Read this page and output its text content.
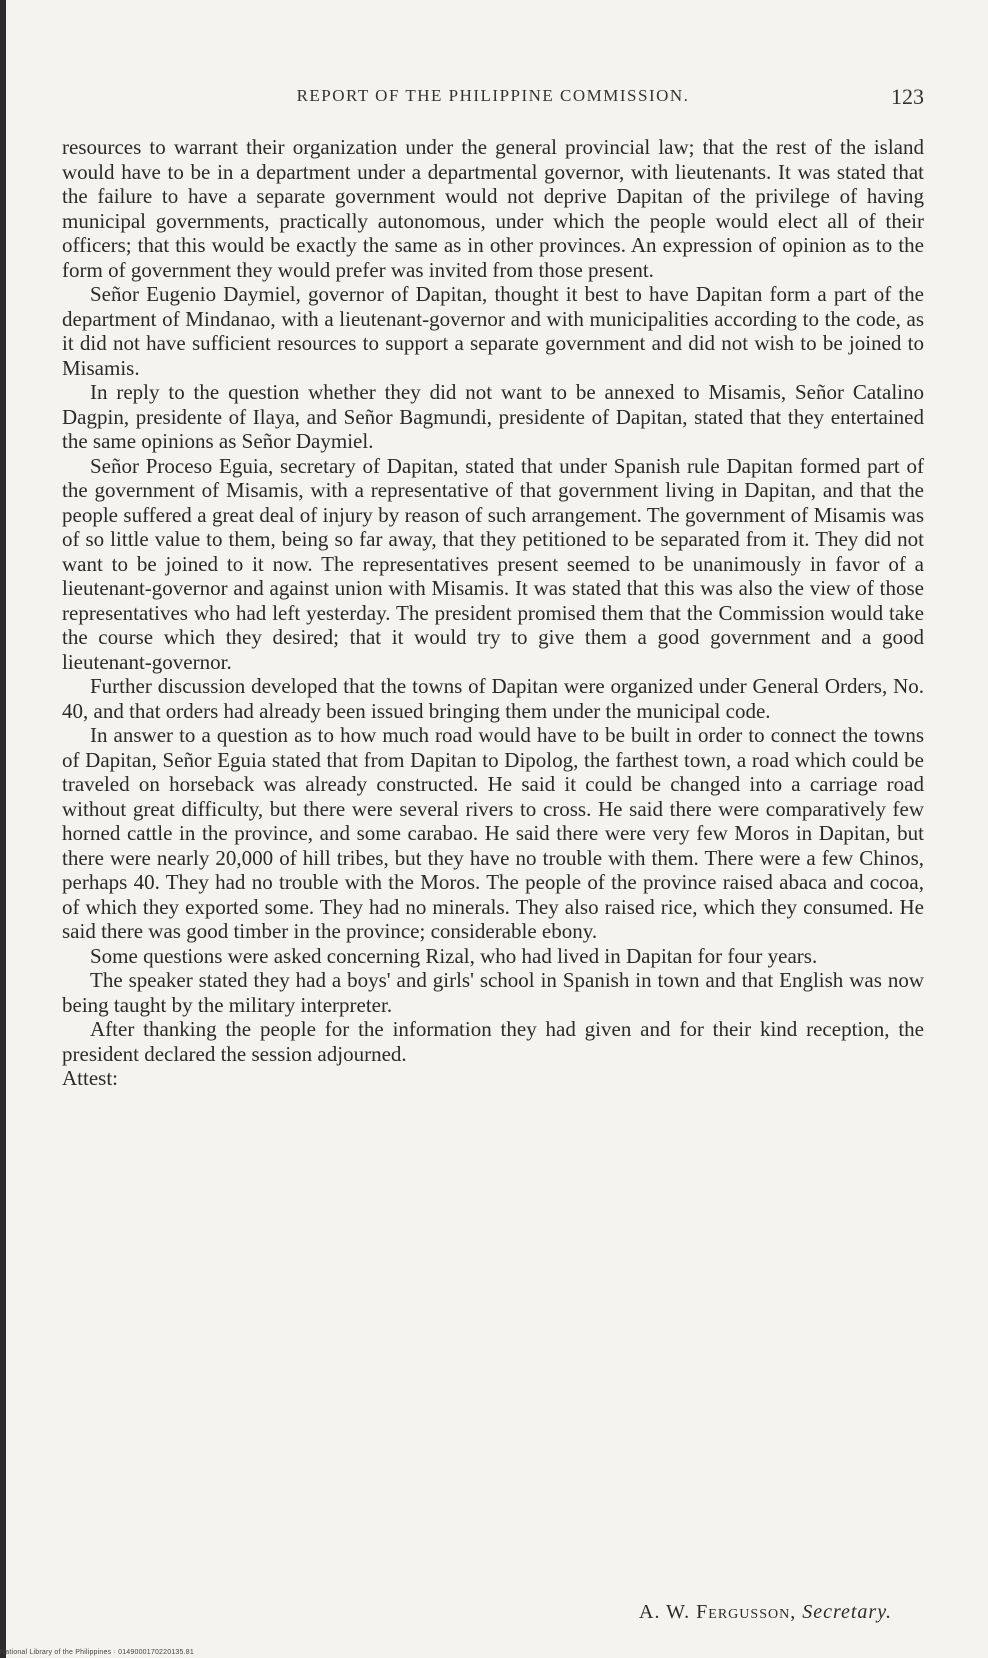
REPORT OF THE PHILIPPINE COMMISSION.	123

resources to warrant their organization under the general provincial law; that the rest of the island would have to be in a department under a departmental governor, with lieutenants. It was stated that the failure to have a separate government would not deprive Dapitan of the privilege of having municipal governments, practically autonomous, under which the people would elect all of their officers; that this would be exactly the same as in other provinces. An expression of opinion as to the form of government they would prefer was invited from those present.

Señor Eugenio Daymiel, governor of Dapitan, thought it best to have Dapitan form a part of the department of Mindanao, with a lieutenant-governor and with municipalities according to the code, as it did not have sufficient resources to support a separate government and did not wish to be joined to Misamis.

In reply to the question whether they did not want to be annexed to Misamis, Señor Catalino Dagpin, presidente of Ilaya, and Señor Bagmundi, presidente of Dapitan, stated that they entertained the same opinions as Señor Daymiel.

Señor Proceso Eguia, secretary of Dapitan, stated that under Spanish rule Dapitan formed part of the government of Misamis, with a representative of that government living in Dapitan, and that the people suffered a great deal of injury by reason of such arrangement. The government of Misamis was of so little value to them, being so far away, that they petitioned to be separated from it. They did not want to be joined to it now. The representatives present seemed to be unanimously in favor of a lieutenant-governor and against union with Misamis. It was stated that this was also the view of those representatives who had left yesterday. The president promised them that the Commission would take the course which they desired; that it would try to give them a good government and a good lieutenant-governor.

Further discussion developed that the towns of Dapitan were organized under General Orders, No. 40, and that orders had already been issued bringing them under the municipal code.

In answer to a question as to how much road would have to be built in order to connect the towns of Dapitan, Señor Eguia stated that from Dapitan to Dipolog, the farthest town, a road which could be traveled on horseback was already constructed. He said it could be changed into a carriage road without great difficulty, but there were several rivers to cross. He said there were comparatively few horned cattle in the province, and some carabao. He said there were very few Moros in Dapitan, but there were nearly 20,000 of hill tribes, but they have no trouble with them. There were a few Chinos, perhaps 40. They had no trouble with the Moros. The people of the province raised abaca and cocoa, of which they exported some. They had no minerals. They also raised rice, which they consumed. He said there was good timber in the province; considerable ebony.

Some questions were asked concerning Rizal, who had lived in Dapitan for four years.

The speaker stated they had a boys' and girls' school in Spanish in town and that English was now being taught by the military interpreter.

After thanking the people for the information they had given and for their kind reception, the president declared the session adjourned.

Attest:

A. W. Fergusson, Secretary.
National Library of the Philippines · 0149000170220135.81
